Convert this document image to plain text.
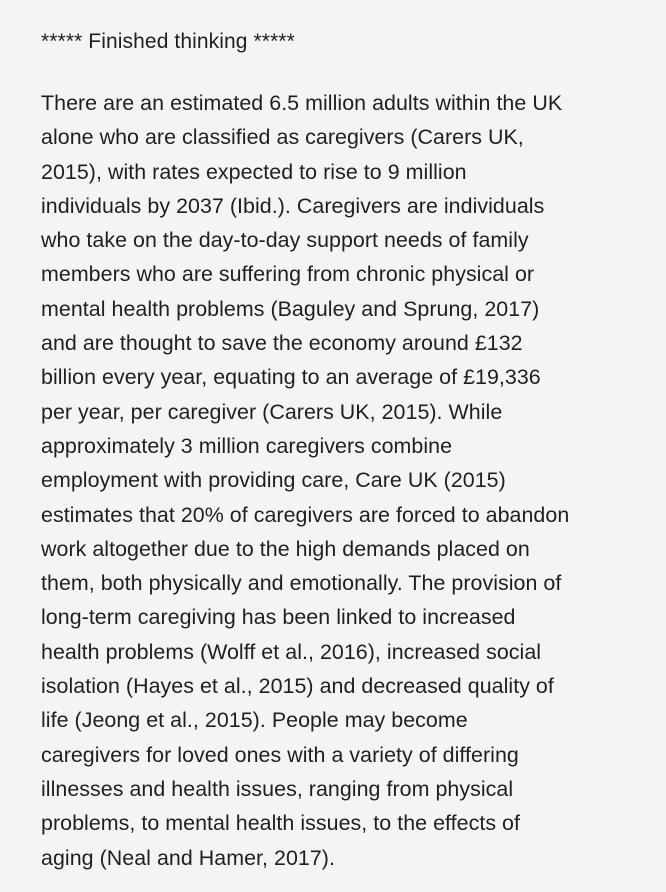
***** Finished thinking *****

There are an estimated 6.5 million adults within the UK
alone who are classified as caregivers (Carers UK,
2015), with rates expected to rise to 9 million
individuals by 2037 (Ibid.). Caregivers are individuals
who take on the day-to-day support needs of family
members who are suffering from chronic physical or
mental health problems (Baguley and Sprung, 2017)
and are thought to save the economy around £132
billion every year, equating to an average of £19,336
per year, per caregiver (Carers UK, 2015). While
approximately 3 million caregivers combine
employment with providing care, Care UK (2015)
estimates that 20% of caregivers are forced to abandon
work altogether due to the high demands placed on
them, both physically and emotionally. The provision of
long-term caregiving has been linked to increased
health problems (Wolff et al., 2016), increased social
isolation (Hayes et al., 2015) and decreased quality of
life (Jeong et al., 2015). People may become
caregivers for loved ones with a variety of differing
illnesses and health issues, ranging from physical
problems, to mental health issues, to the effects of
aging (Neal and Hamer, 2017).
